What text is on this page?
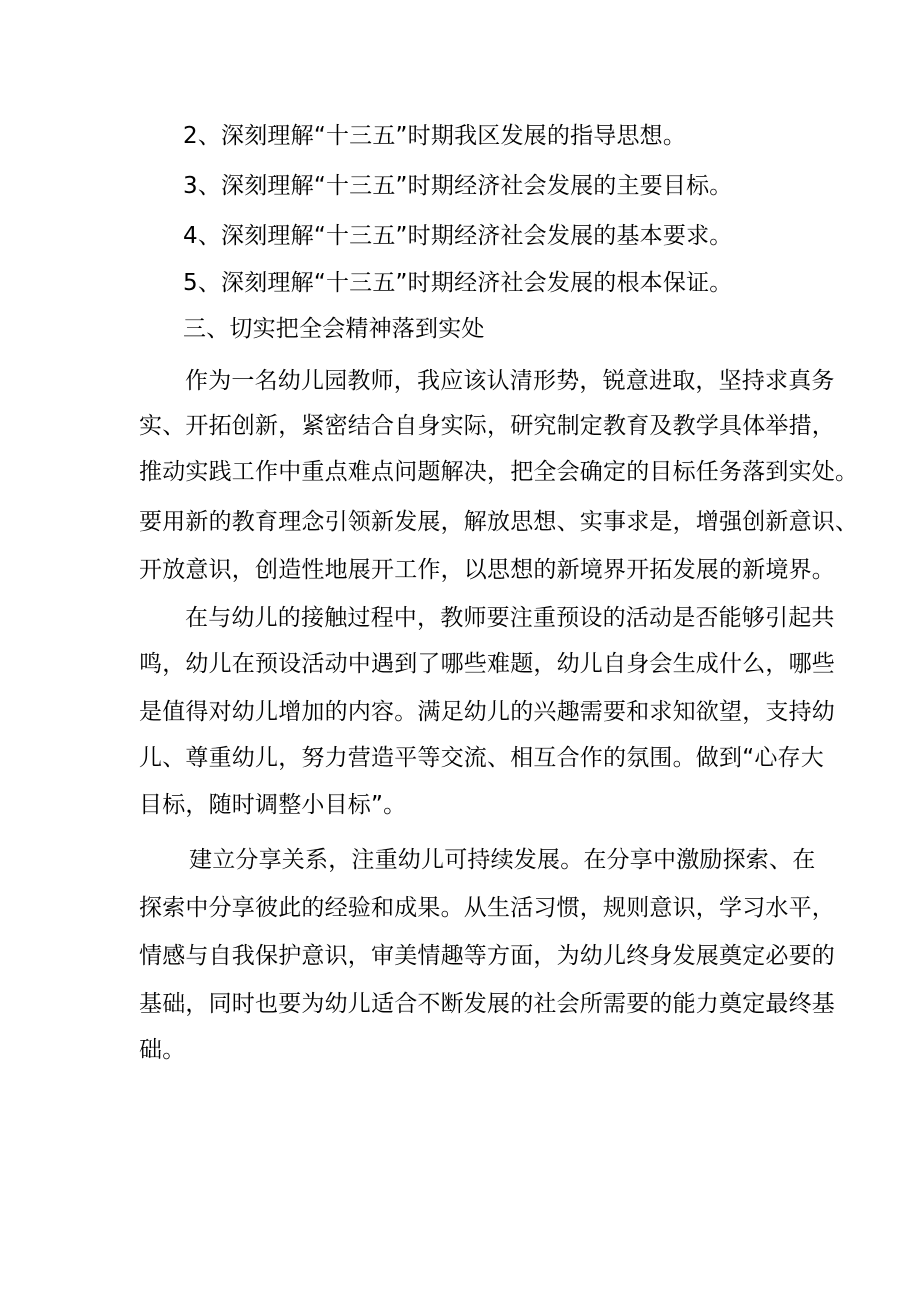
2、深刻理解“十三五”时期我区发展的指导思想。
3、深刻理解“十三五”时期经济社会发展的主要目标。
4、深刻理解“十三五”时期经济社会发展的基本要求。
5、深刻理解“十三五”时期经济社会发展的根本保证。
三、切实把全会精神落到实处
作为一名幼儿园教师，我应该认清形势，锐意进取，坚持求真务
实、开拓创新，紧密结合自身实际，研究制定教育及教学具体举措，
推动实践工作中重点难点问题解决，把全会确定的目标任务落到实处。
要用新的教育理念引领新发展，解放思想、实事求是，增强创新意识、
开放意识，创造性地展开工作，以思想的新境界开拓发展的新境界。
在与幼儿的接触过程中，教师要注重预设的活动是否能够引起共
鸣，幼儿在预设活动中遇到了哪些难题，幼儿自身会生成什么，哪些
是值得对幼儿增加的内容。满足幼儿的兴趣需要和求知欲望，支持幼
儿、尊重幼儿，努力营造平等交流、相互合作的氛围。做到“心存大
目标，随时调整小目标”。
建立分享关系，注重幼儿可持续发展。在分享中激励探索、在
探索中分享彼此的经验和成果。从生活习惯，规则意识，学习水平，
情感与自我保护意识，审美情趣等方面，为幼儿终身发展奠定必要的
基础，同时也要为幼儿适合不断发展的社会所需要的能力奠定最终基
础。
